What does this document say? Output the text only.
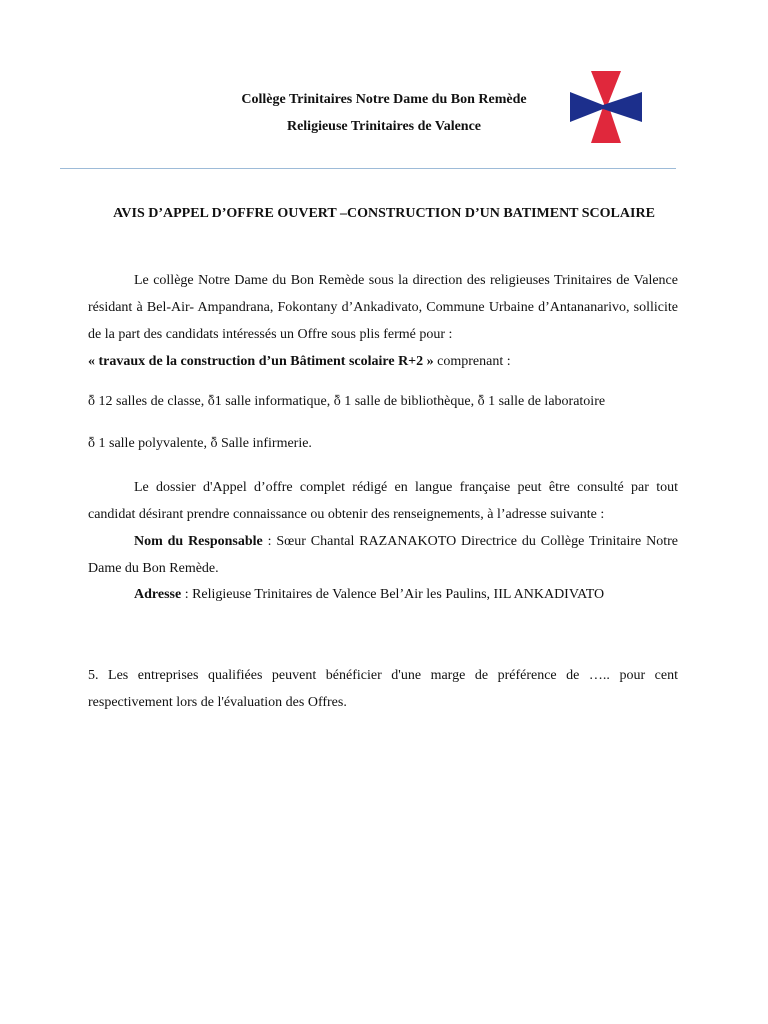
Collège Trinitaires Notre Dame du Bon Remède
Religieuse Trinitaires de Valence
AVIS D’APPEL D’OFFRE OUVERT –CONSTRUCTION D’UN BATIMENT SCOLAIRE
Le collège Notre Dame du Bon Remède sous la direction des religieuses Trinitaires de Valence résidant à Bel-Air- Ampandrana, Fokontany d’Ankadivato, Commune Urbaine d’Antananarivo, sollicite de la part des candidats intéressés un Offre sous plis fermé pour :
« travaux de la construction d’un Bâtiment scolaire R+2 » comprenant :
ȭ 12 salles de classe, ȭ1 salle informatique, ȭ 1 salle de bibliothèque, ȭ 1 salle de laboratoire
ȭ 1 salle polyvalente, ȭ Salle infirmerie.
Le dossier d'Appel d’offre complet rédigé en langue française peut être consulté par tout candidat désirant prendre connaissance ou obtenir des renseignements, à l’adresse suivante :
Nom du Responsable : Sœur Chantal RAZANAKOTO Directrice du Collège Trinitaire Notre Dame du Bon Remède.
Adresse : Religieuse Trinitaires de Valence Bel’Air les Paulins, IIL ANKADIVATO
5. Les entreprises qualifiées peuvent bénéficier d'une marge de préférence de ….. pour cent respectivement lors de l'évaluation des Offres.
